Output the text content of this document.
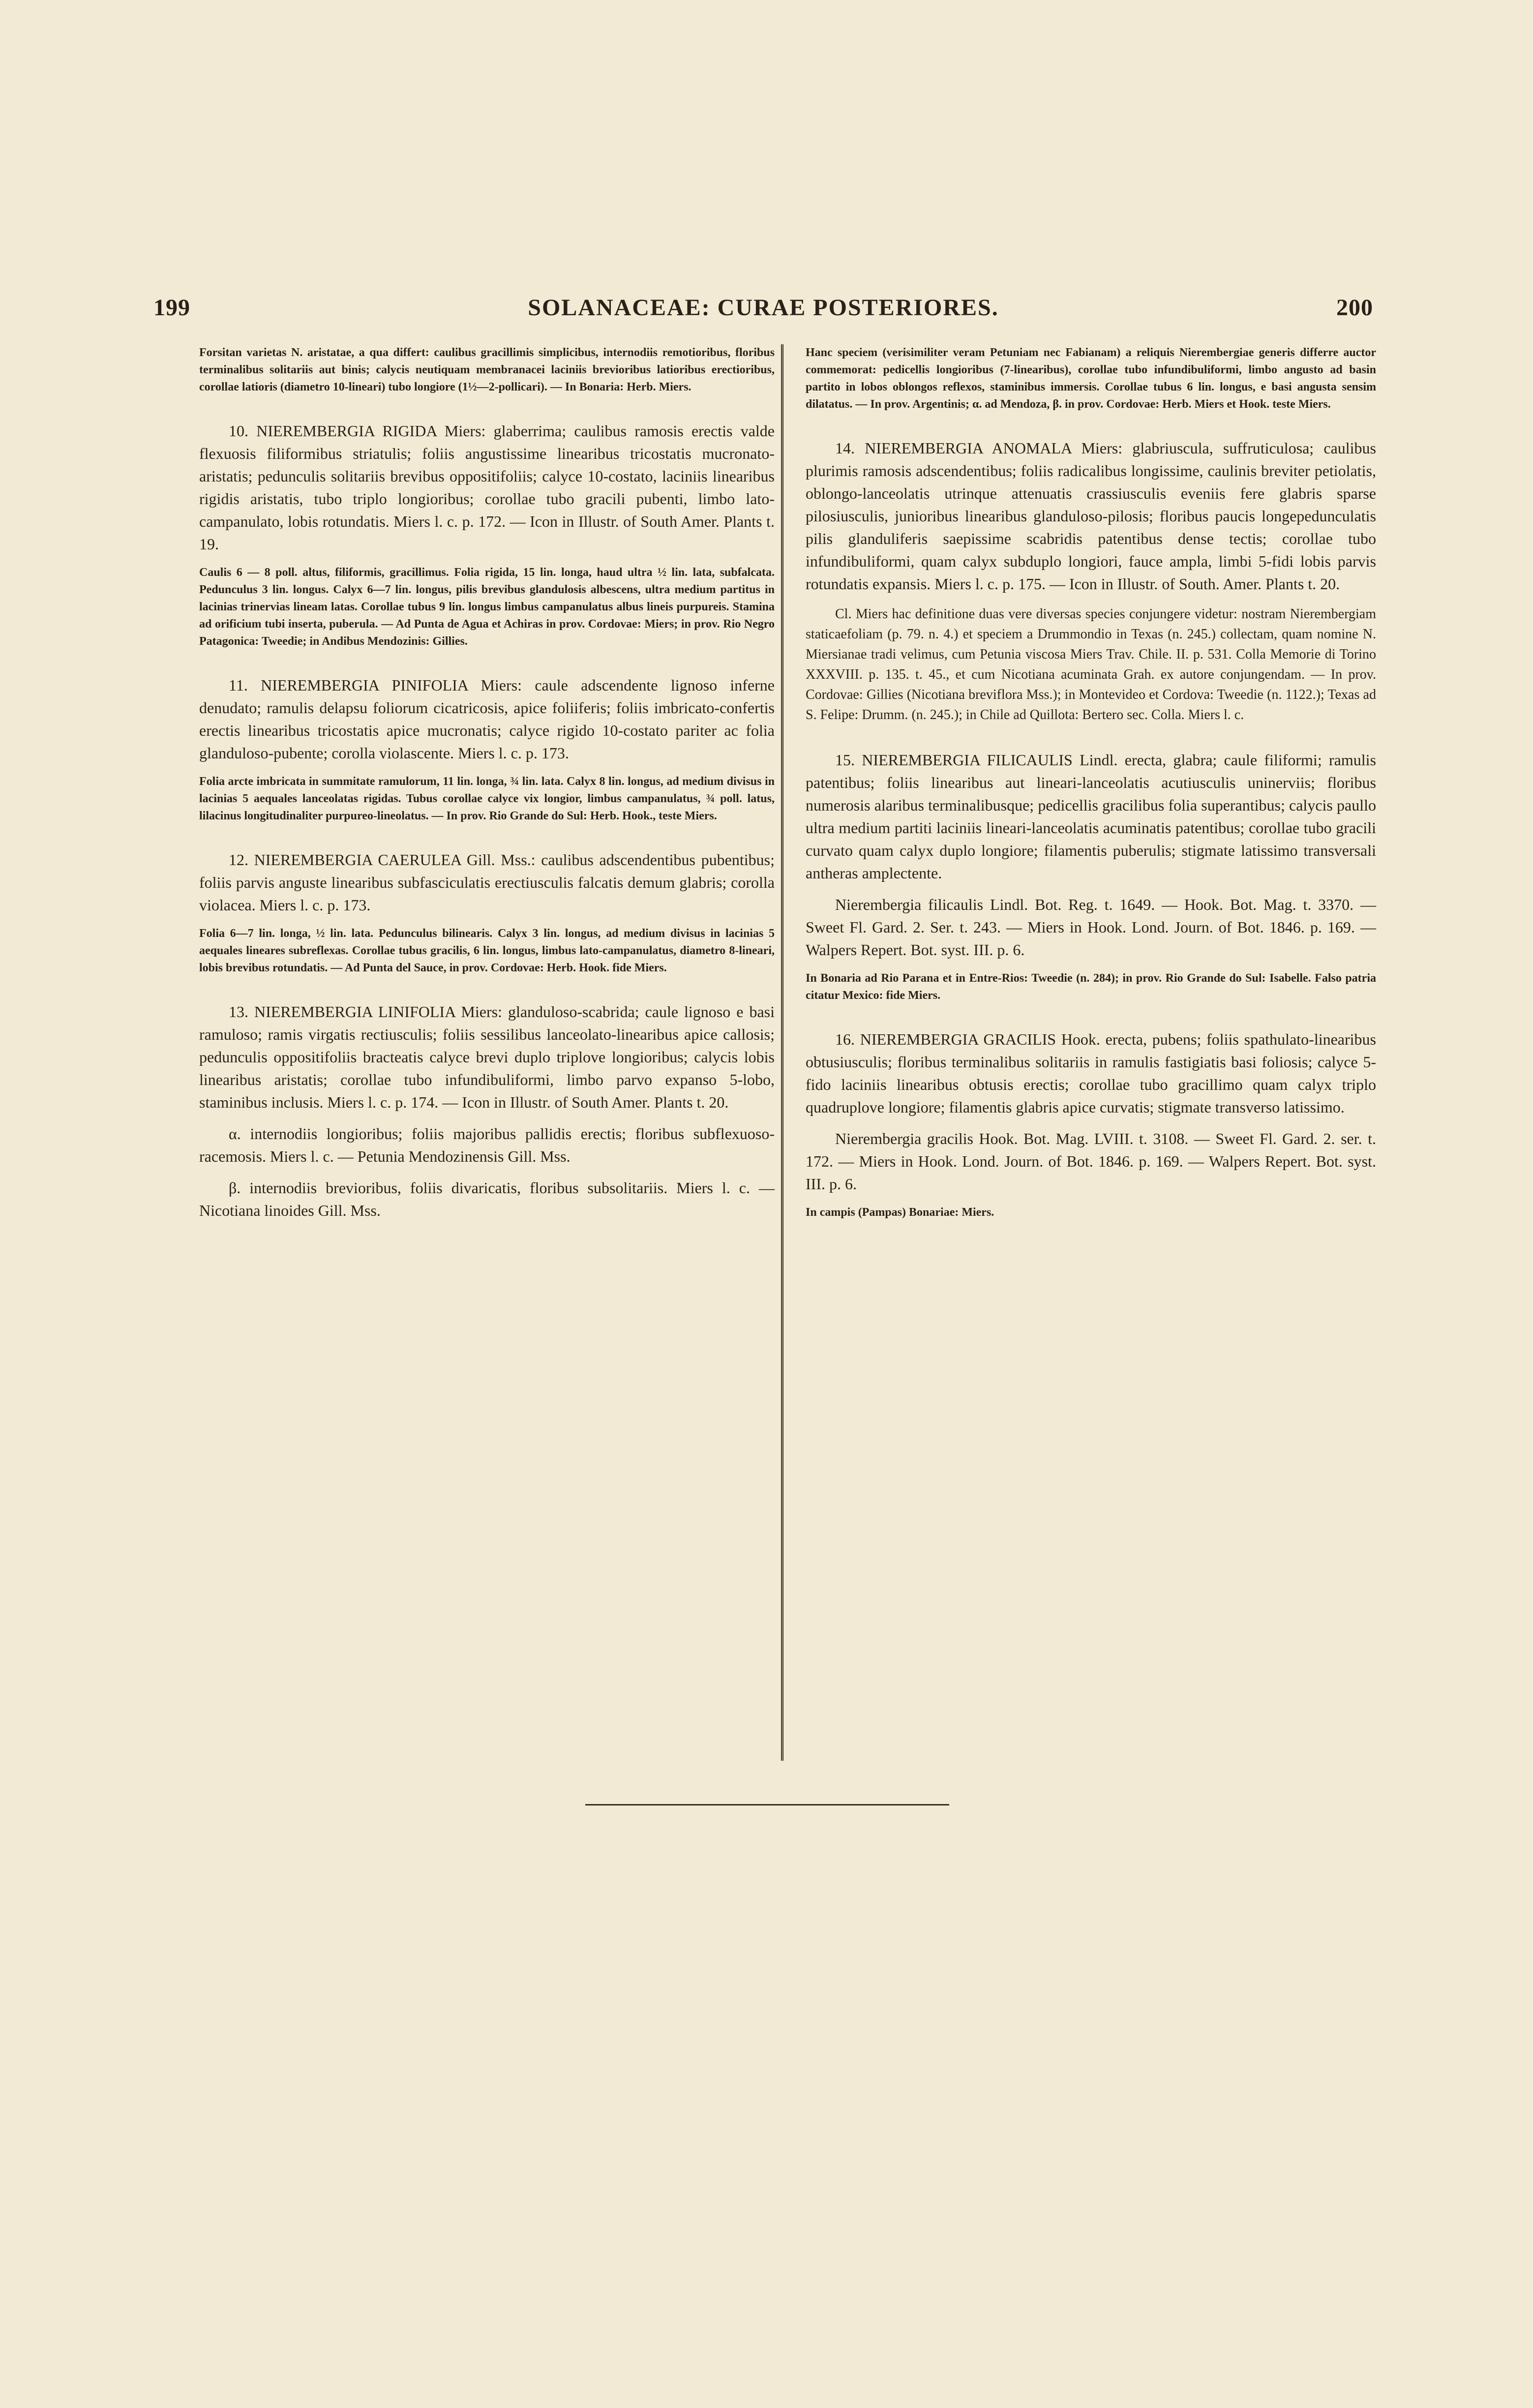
199	SOLANACEAE: CURAE POSTERIORES.	200

Forsitan varietas N. aristatae, a qua differt: caulibus gracillimis simplicibus, internodiis remotioribus, floribus terminalibus solitariis aut binis; calycis neutiquam membranacei laciniis brevioribus latioribus erectioribus, corollae latioris (diametro 10-lineari) tubo longiore (1½—2-pollicari). — In Bonaria: Herb. Miers.

10. NIEREMBERGIA RIGIDA Miers: glaberrima; caulibus ramosis erectis valde flexuosis filiformibus striatulis; foliis angustissime linearibus tricostatis mucronato-aristatis; pedunculis solitariis brevibus oppositifoliis; calyce 10-costato, laciniis linearibus rigidis aristatis, tubo triplo longioribus; corollae tubo gracili pubenti, limbo lato-campanulato, lobis rotundatis. Miers l. c. p. 172. — Icon in Illustr. of South Amer. Plants t. 19.

Caulis 6 — 8 poll. altus, filiformis, gracillimus. Folia rigida, 15 lin. longa, haud ultra ½ lin. lata, subfalcata. Pedunculus 3 lin. longus. Calyx 6—7 lin. longus, pilis brevibus glandulosis albescens, ultra medium partitus in lacinias trinervias lineam latas. Corollae tubus 9 lin. longus limbus campanulatus albus lineis purpureis. Stamina ad orificium tubi inserta, puberula. — Ad Punta de Agua et Achiras in prov. Cordovae: Miers; in prov. Rio Negro Patagonica: Tweedie; in Andibus Mendozinis: Gillies.

11. NIEREMBERGIA PINIFOLIA Miers: caule adscendente lignoso inferne denudato; ramulis delapsu foliorum cicatricosis, apice foliiferis; foliis imbricato-confertis erectis linearibus tricostatis apice mucronatis; calyce rigido 10-costato pariter ac folia glanduloso-pubente; corolla violascente. Miers l. c. p. 173.

Folia arcte imbricata in summitate ramulorum, 11 lin. longa, ¾ lin. lata. Calyx 8 lin. longus, ad medium divisus in lacinias 5 aequales lanceolatas rigidas. Tubus corollae calyce vix longior, limbus campanulatus, ¾ poll. latus, lilacinus longitudinaliter purpureo-lineolatus. — In prov. Rio Grande do Sul: Herb. Hook., teste Miers.

12. NIEREMBERGIA CAERULEA Gill. Mss.: caulibus adscendentibus pubentibus; foliis parvis anguste linearibus subfasciculatis erectiusculis falcatis demum glabris; corolla violacea. Miers l. c. p. 173.

Folia 6—7 lin. longa, ½ lin. lata. Pedunculus bilinearis. Calyx 3 lin. longus, ad medium divisus in lacinias 5 aequales lineares subreflexas. Corollae tubus gracilis, 6 lin. longus, limbus lato-campanulatus, diametro 8-lineari, lobis brevibus rotundatis. — Ad Punta del Sauce, in prov. Cordovae: Herb. Hook. fide Miers.

13. NIEREMBERGIA LINIFOLIA Miers: glanduloso-scabrida; caule lignoso e basi ramuloso; ramis virgatis rectiusculis; foliis sessilibus lanceolato-linearibus apice callosis; pedunculis oppositifoliis bracteatis calyce brevi duplo triplove longioribus; calycis lobis linearibus aristatis; corollae tubo infundibuliformi, limbo parvo expanso 5-lobo, staminibus inclusis. Miers l. c. p. 174. — Icon in Illustr. of South Amer. Plants t. 20.

α. internodiis longioribus; foliis majoribus pallidis erectis; floribus subflexuoso-racemosis. Miers l. c. — Petunia Mendozinensis Gill. Mss.

β. internodiis brevioribus, foliis divaricatis, floribus subsolitariis. Miers l. c. — Nicotiana linoides Gill. Mss.

Hanc speciem (verisimiliter veram Petuniam nec Fabianam) a reliquis Nierembergiae generis differre auctor commemorat: pedicellis longioribus (7-linearibus), corollae tubo infundibuliformi, limbo angusto ad basin partito in lobos oblongos reflexos, staminibus immersis. Corollae tubus 6 lin. longus, e basi angusta sensim dilatatus. — In prov. Argentinis; α. ad Mendoza, β. in prov. Cordovae: Herb. Miers et Hook. teste Miers.

14. NIEREMBERGIA ANOMALA Miers: glabriuscula, suffruticulosa; caulibus plurimis ramosis adscendentibus; foliis radicalibus longissime, caulinis breviter petiolatis, oblongo-lanceolatis utrinque attenuatis crassiusculis eveniis fere glabris sparse pilosiusculis, junioribus linearibus glanduloso-pilosis; floribus paucis longepedunculatis pilis glanduliferis saepissime scabridis patentibus dense tectis; corollae tubo infundibuliformi, quam calyx subduplo longiori, fauce ampla, limbi 5-fidi lobis parvis rotundatis expansis. Miers l. c. p. 175. — Icon in Illustr. of South. Amer. Plants t. 20.

Cl. Miers hac definitione duas vere diversas species conjungere videtur: nostram Nierembergiam staticaefoliam (p. 79. n. 4.) et speciem a Drummondio in Texas (n. 245.) collectam, quam nomine N. Miersianae tradi velimus, cum Petunia viscosa Miers Trav. Chile. II. p. 531. Colla Memorie di Torino XXXVIII. p. 135. t. 45., et cum Nicotiana acuminata Grah. ex autore conjungendam. — In prov. Cordovae: Gillies (Nicotiana breviflora Mss.); in Montevideo et Cordova: Tweedie (n. 1122.); Texas ad S. Felipe: Drumm. (n. 245.); in Chile ad Quillota: Bertero sec. Colla. Miers l. c.

15. NIEREMBERGIA FILICAULIS Lindl. erecta, glabra; caule filiformi; ramulis patentibus; foliis linearibus aut lineari-lanceolatis acutiusculis uninerviis; floribus numerosis alaribus terminalibusque; pedicellis gracilibus folia superantibus; calycis paullo ultra medium partiti laciniis lineari-lanceolatis acuminatis patentibus; corollae tubo gracili curvato quam calyx duplo longiore; filamentis puberulis; stigmate latissimo transversali antheras amplectente.

Nierembergia filicaulis Lindl. Bot. Reg. t. 1649. — Hook. Bot. Mag. t. 3370. — Sweet Fl. Gard. 2. Ser. t. 243. — Miers in Hook. Lond. Journ. of Bot. 1846. p. 169. — Walpers Repert. Bot. syst. III. p. 6.

In Bonaria ad Rio Parana et in Entre-Rios: Tweedie (n. 284); in prov. Rio Grande do Sul: Isabelle. Falso patria citatur Mexico: fide Miers.

16. NIEREMBERGIA GRACILIS Hook. erecta, pubens; foliis spathulato-linearibus obtusiusculis; floribus terminalibus solitariis in ramulis fastigiatis basi foliosis; calyce 5-fido laciniis linearibus obtusis erectis; corollae tubo gracillimo quam calyx triplo quadruplove longiore; filamentis glabris apice curvatis; stigmate transverso latissimo.

Nierembergia gracilis Hook. Bot. Mag. LVIII. t. 3108. — Sweet Fl. Gard. 2. ser. t. 172. — Miers in Hook. Lond. Journ. of Bot. 1846. p. 169. — Walpers Repert. Bot. syst. III. p. 6.

In campis (Pampas) Bonariae: Miers.
